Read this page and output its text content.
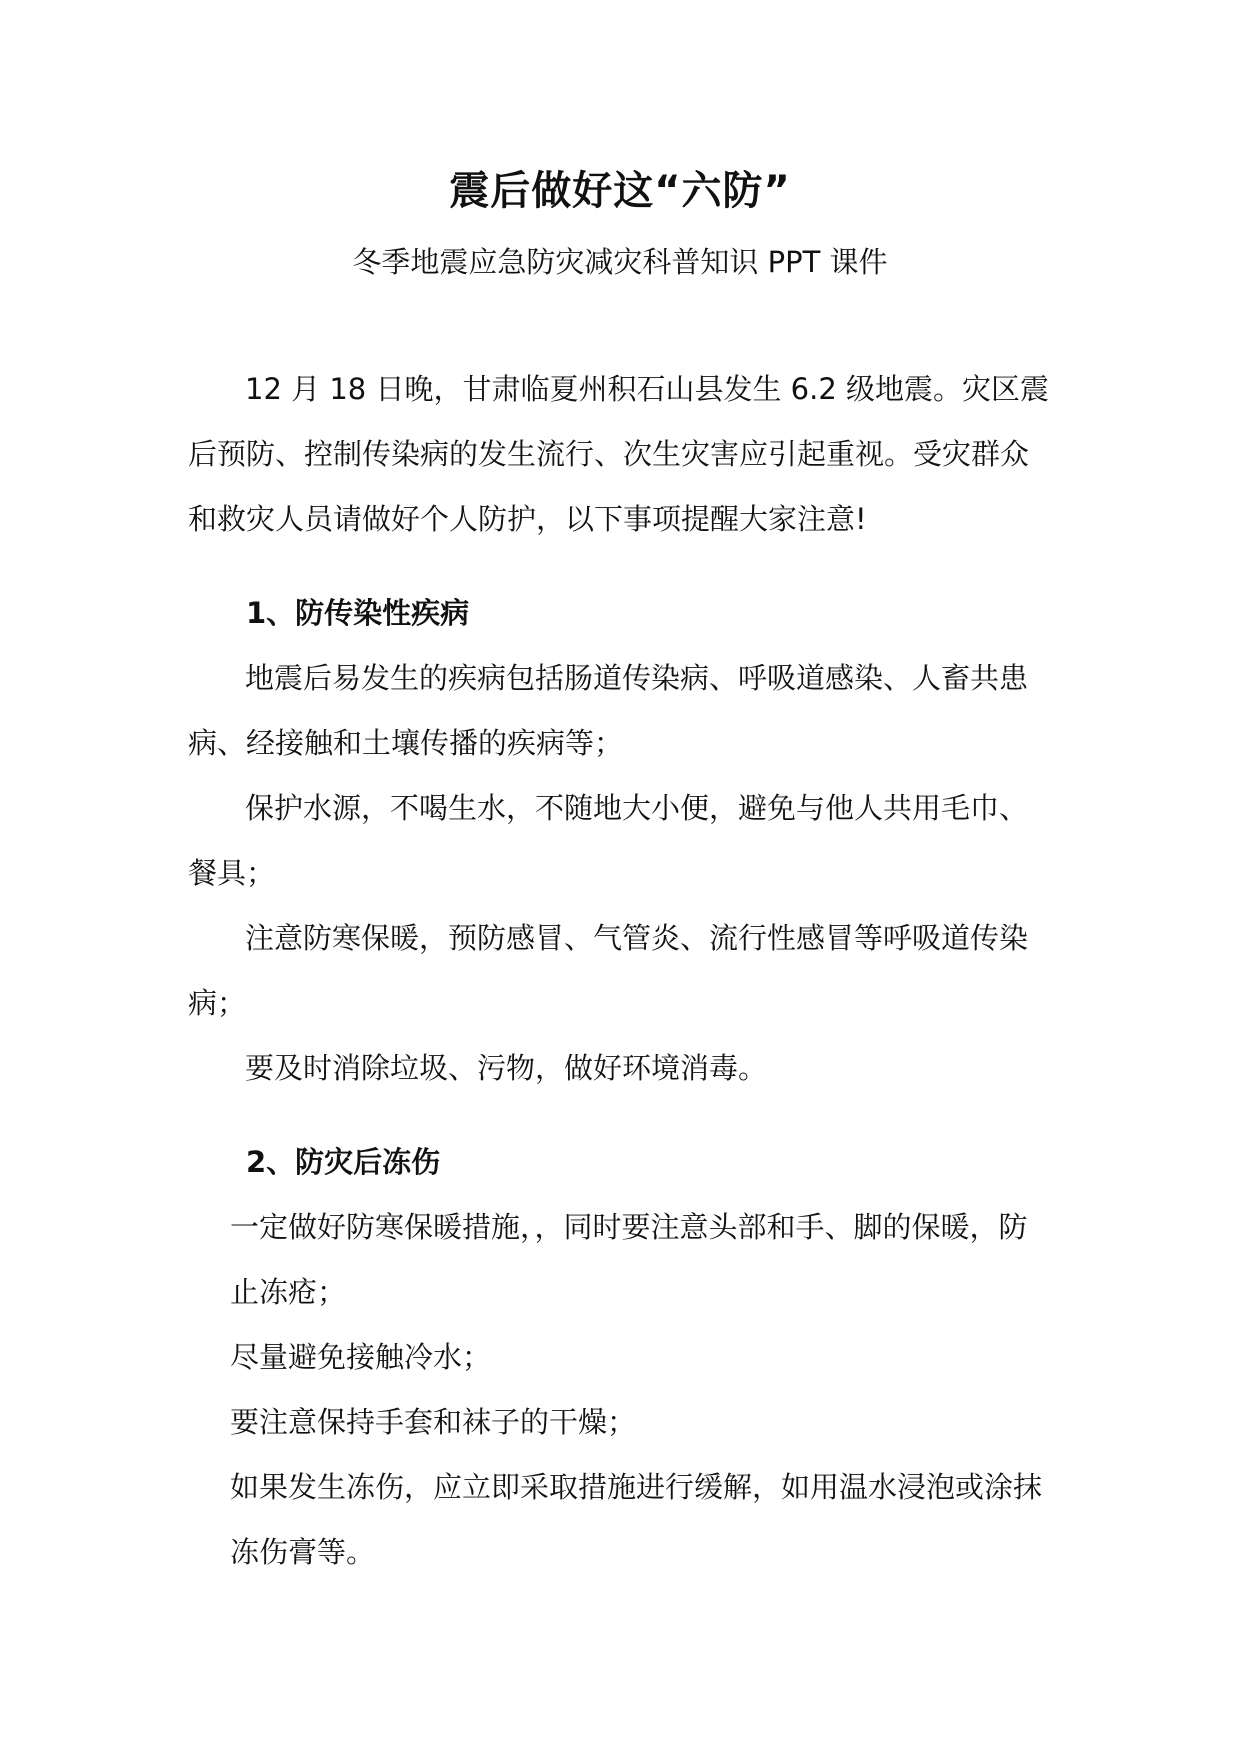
震后做好这“六防”

冬季地震应急防灾减灾科普知识 PPT 课件

12 月 18 日晚，甘肃临夏州积石山县发生 6.2 级地震。灾区震

后预防、控制传染病的发生流行、次生灾害应引起重视。受灾群众

和救灾人员请做好个人防护，以下事项提醒大家注意!

1、防传染性疾病

地震后易发生的疾病包括肠道传染病、呼吸道感染、人畜共患

病、经接触和土壤传播的疾病等；

保护水源，不喝生水，不随地大小便，避免与他人共用毛巾、

餐具；

注意防寒保暖，预防感冒、气管炎、流行性感冒等呼吸道传染

病；

要及时消除垃圾、污物，做好环境消毒。

2、防灾后冻伤

一定做好防寒保暖措施，，同时要注意头部和手、脚的保暖，防

止冻疮；

尽量避免接触冷水；

要注意保持手套和袜子的干燥；

如果发生冻伤，应立即采取措施进行缓解，如用温水浸泡或涂抹

冻伤膏等。
